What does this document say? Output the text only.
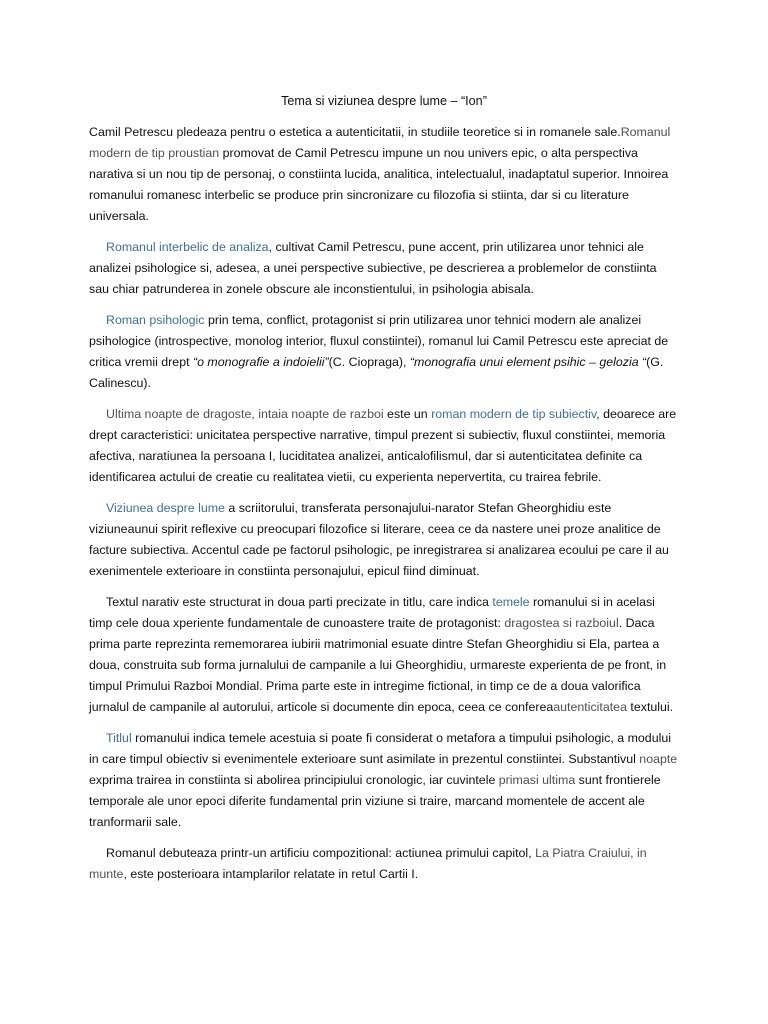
Tema si viziunea despre lume – “Ion”

Camil Petrescu pledeaza pentru o estetica a autenticitatii, in studiile teoretice si in romanele sale.Romanul modern de tip proustian promovat de Camil Petrescu impune un nou univers epic, o alta perspectiva narativa si un nou tip de personaj, o constiinta lucida, analitica, intelectualul, inadaptatul superior. Innoirea romanului romanesc interbelic se produce prin sincronizare cu filozofia si stiinta, dar si cu literature universala.

Romanul interbelic de analiza, cultivat Camil Petrescu, pune accent, prin utilizarea unor tehnici ale analizei psihologice si, adesea, a unei perspective subiective, pe descrierea a problemelor de constiinta sau chiar patrunderea in zonele obscure ale inconstientului, in psihologia abisala.

Roman psihologic prin tema, conflict, protagonist si prin utilizarea unor tehnici modern ale analizei psihologice (introspective, monolog interior, fluxul constiintei), romanul lui Camil Petrescu este apreciat de critica vremii drept “o monografie a indoielii”(C. Ciopraga), “monografia unui element psihic – gelozia “(G. Calinescu).

Ultima noapte de dragoste, intaia noapte de razboi este un roman modern de tip subiectiv, deoarece are drept caracteristici: unicitatea perspective narrative, timpul prezent si subiectiv, fluxul constiintei, memoria afectiva, naratiunea la persoana I, luciditatea analizei, anticalofilismul, dar si autenticitatea definite ca identificarea actului de creatie cu realitatea vietii, cu experienta nepervertita, cu trairea febrile.

Viziunea despre lume a scriitorului, transferata personajului-narator Stefan Gheorghidiu este viziuneaunui spirit reflexive cu preocupari filozofice si literare, ceea ce da nastere unei proze analitice de facture subiectiva. Accentul cade pe factorul psihologic, pe inregistrarea si analizarea ecoului pe care il au exenimentele exterioare in constiinta personajului, epicul fiind diminuat.

Textul narativ este structurat in doua parti precizate in titlu, care indica temele romanului si in acelasi timp cele doua xperiente fundamentale de cunoastere traite de protagonist: dragostea si razboiul. Daca prima parte reprezinta rememorarea iubirii matrimonial esuate dintre Stefan Gheorghidiu si Ela, partea a doua, construita sub forma jurnalului de campanile a lui Gheorghidiu, urmareste experienta de pe front, in timpul Primului Razboi Mondial. Prima parte este in intregime fictional, in timp ce de a doua valorifica jurnalul de campanile al autorului, articole si documente din epoca, ceea ce confereaautenticitatea textului.

Titlul romanului indica temele acestuia si poate fi considerat o metafora a timpului psihologic, a modului in care timpul obiectiv si evenimentele exterioare sunt asimilate in prezentul constiintei. Substantivul noapte exprima trairea in constiinta si abolirea principiului cronologic, iar cuvintele primasi ultima sunt frontierele temporale ale unor epoci diferite fundamental prin viziune si traire, marcand momentele de accent ale tranformarii sale.

Romanul debuteaza printr-un artificiu compozitional: actiunea primului capitol, La Piatra Craiului, in munte, este posterioara intamplarilor relatate in retul Cartii I.
